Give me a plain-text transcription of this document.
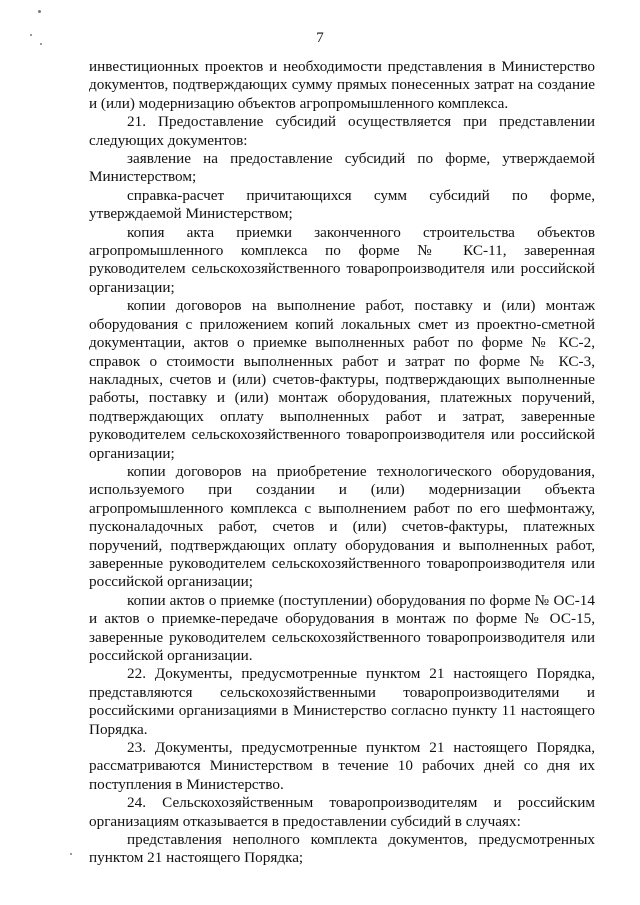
7

инвестиционных проектов и необходимости представления в Министерство документов, подтверждающих сумму прямых понесенных затрат на создание и (или) модернизацию объектов агропромышленного комплекса.

21. Предоставление субсидий осуществляется при представлении следующих документов:

заявление на предоставление субсидий по форме, утверждаемой Министерством;

справка-расчет причитающихся сумм субсидий по форме, утверждаемой Министерством;

копия акта приемки законченного строительства объектов агропромышленного комплекса по форме № КС-11, заверенная руководителем сельскохозяйственного товаропроизводителя или российской организации;

копии договоров на выполнение работ, поставку и (или) монтаж оборудования с приложением копий локальных смет из проектно-сметной документации, актов о приемке выполненных работ по форме № КС-2, справок о стоимости выполненных работ и затрат по форме № КС-3, накладных, счетов и (или) счетов-фактуры, подтверждающих выполненные работы, поставку и (или) монтаж оборудования, платежных поручений, подтверждающих оплату выполненных работ и затрат, заверенные руководителем сельскохозяйственного товаропроизводителя или российской организации;

копии договоров на приобретение технологического оборудования, используемого при создании и (или) модернизации объекта агропромышленного комплекса с выполнением работ по его шефмонтажу, пусконаладочных работ, счетов и (или) счетов-фактуры, платежных поручений, подтверждающих оплату оборудования и выполненных работ, заверенные руководителем сельскохозяйственного товаропроизводителя или российской организации;

копии актов о приемке (поступлении) оборудования по форме № ОС-14 и актов о приемке-передаче оборудования в монтаж по форме № ОС-15, заверенные руководителем сельскохозяйственного товаропроизводителя или российской организации.

22. Документы, предусмотренные пунктом 21 настоящего Порядка, представляются сельскохозяйственными товаропроизводителями и российскими организациями в Министерство согласно пункту 11 настоящего Порядка.

23. Документы, предусмотренные пунктом 21 настоящего Порядка, рассматриваются Министерством в течение 10 рабочих дней со дня их поступления в Министерство.

24. Сельскохозяйственным товаропроизводителям и российским организациям отказывается в предоставлении субсидий в случаях:

представления неполного комплекта документов, предусмотренных пунктом 21 настоящего Порядка;
